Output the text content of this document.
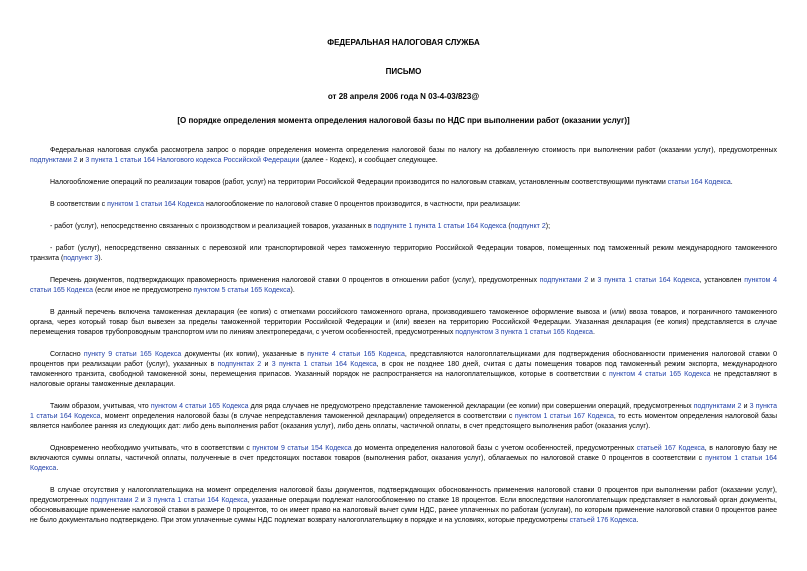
ФЕДЕРАЛЬНАЯ НАЛОГОВАЯ СЛУЖБА
ПИСЬМО
от 28 апреля 2006 года N 03-4-03/823@
[О порядке определения момента определения налоговой базы по НДС при выполнении работ (оказании услуг)]

Федеральная налоговая служба рассмотрела запрос о порядке определения момента определения налоговой базы по налогу на добавленную стоимость при выполнении работ (оказании услуг), предусмотренных подпунктами 2 и 3 пункта 1 статьи 164 Налогового кодекса Российской Федерации (далее - Кодекс), и сообщает следующее.

Налогообложение операций по реализации товаров (работ, услуг) на территории Российской Федерации производится по налоговым ставкам, установленным соответствующими пунктами статьи 164 Кодекса.

В соответствии с пунктом 1 статьи 164 Кодекса налогообложение по налоговой ставке 0 процентов производится, в частности, при реализации:

- работ (услуг), непосредственно связанных с производством и реализацией товаров, указанных в подпункте 1 пункта 1 статьи 164 Кодекса (подпункт 2);

- работ (услуг), непосредственно связанных с перевозкой или транспортировкой через таможенную территорию Российской Федерации товаров, помещенных под таможенный режим международного таможенного транзита (подпункт 3).

Перечень документов, подтверждающих правомерность применения налоговой ставки 0 процентов в отношении работ (услуг), предусмотренных подпунктами 2 и 3 пункта 1 статьи 164 Кодекса, установлен пунктом 4 статьи 165 Кодекса (если иное не предусмотрено пунктом 5 статьи 165 Кодекса).

В данный перечень включена таможенная декларация (ее копия) с отметками российского таможенного органа, производившего таможенное оформление вывоза и (или) ввоза товаров, и пограничного таможенного органа, через который товар был вывезен за пределы таможенной территории Российской Федерации и (или) ввезен на территорию Российской Федерации. Указанная декларация (ее копия) представляется в случае перемещения товаров трубопроводным транспортом или по линиям электропередачи, с учетом особенностей, предусмотренных подпунктом 3 пункта 1 статьи 165 Кодекса.

Согласно пункту 9 статьи 165 Кодекса документы (их копии), указанные в пункте 4 статьи 165 Кодекса, представляются налогоплательщиками для подтверждения обоснованности применения налоговой ставки 0 процентов при реализации работ (услуг), указанных в подпунктах 2 и 3 пункта 1 статьи 164 Кодекса, в срок не позднее 180 дней, считая с даты помещения товаров под таможенный режим экспорта, международного таможенного транзита, свободной таможенной зоны, перемещения припасов. Указанный порядок не распространяется на налогоплательщиков, которые в соответствии с пунктом 4 статьи 165 Кодекса не представляют в налоговые органы таможенные декларации.

Таким образом, учитывая, что пунктом 4 статьи 165 Кодекса для ряда случаев не предусмотрено представление таможенной декларации (ее копии) при совершении операций, предусмотренных подпунктами 2 и 3 пункта 1 статьи 164 Кодекса, момент определения налоговой базы (в случае непредставления таможенной декларации) определяется в соответствии с пунктом 1 статьи 167 Кодекса, то есть моментом определения налоговой базы является наиболее ранняя из следующих дат: либо день выполнения работ (оказания услуг), либо день оплаты, частичной оплаты, в счет предстоящего выполнения работ (оказания услуг).

Одновременно необходимо учитывать, что в соответствии с пунктом 9 статьи 154 Кодекса до момента определения налоговой базы с учетом особенностей, предусмотренных статьей 167 Кодекса, в налоговую базу не включаются суммы оплаты, частичной оплаты, полученные в счет предстоящих поставок товаров (выполнения работ, оказания услуг), облагаемых по налоговой ставке 0 процентов в соответствии с пунктом 1 статьи 164 Кодекса.

В случае отсутствия у налогоплательщика на момент определения налоговой базы документов, подтверждающих обоснованность применения налоговой ставки 0 процентов при выполнении работ (оказании услуг), предусмотренных подпунктами 2 и 3 пункта 1 статьи 164 Кодекса, указанные операции подлежат налогообложению по ставке 18 процентов. Если впоследствии налогоплательщик представляет в налоговый орган документы, обосновывающие применение налоговой ставки в размере 0 процентов, то он имеет право на налоговый вычет сумм НДС, ранее уплаченных по работам (услугам), по которым применение налоговой ставки 0 процентов ранее не было документально подтверждено. При этом уплаченные суммы НДС подлежат возврату налогоплательщику в порядке и на условиях, которые предусмотрены статьей 176 Кодекса.
